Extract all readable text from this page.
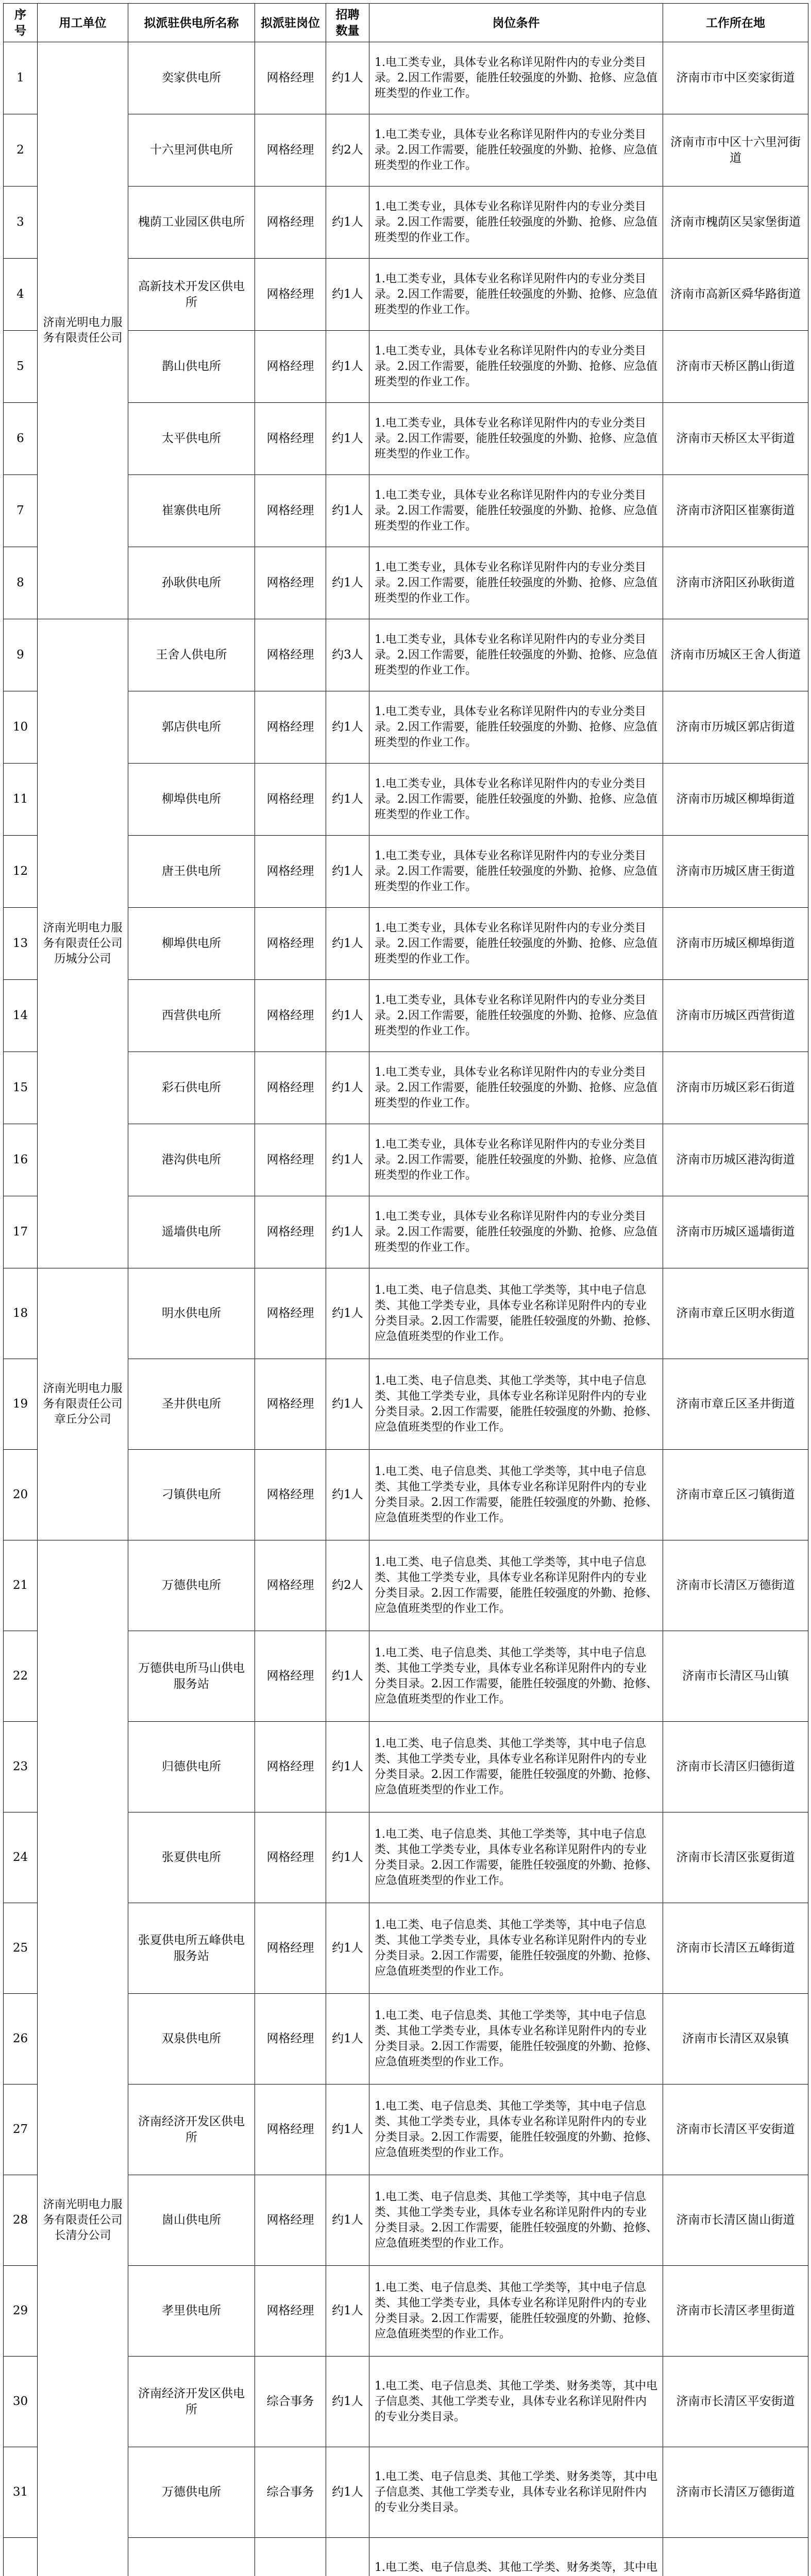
序号	用工单位	拟派驻供电所名称	拟派驻岗位	招聘数量	岗位条件	工作所在地
1	济南光明电力服务有限责任公司	奕家供电所	网格经理	约1人	1.电工类专业，具体专业名称详见附件内的专业分类目录。2.因工作需要，能胜任较强度的外勤、抢修、应急值班类型的作业工作。	济南市市中区奕家街道
2		十六里河供电所	网格经理	约2人	1.电工类专业，具体专业名称详见附件内的专业分类目录。2.因工作需要，能胜任较强度的外勤、抢修、应急值班类型的作业工作。	济南市市中区十六里河街道
3		槐荫工业园区供电所	网格经理	约1人	1.电工类专业，具体专业名称详见附件内的专业分类目录。2.因工作需要，能胜任较强度的外勤、抢修、应急值班类型的作业工作。	济南市槐荫区吴家堡街道
4		高新技术开发区供电所	网格经理	约1人	1.电工类专业，具体专业名称详见附件内的专业分类目录。2.因工作需要，能胜任较强度的外勤、抢修、应急值班类型的作业工作。	济南市高新区舜华路街道
5		鹊山供电所	网格经理	约1人	1.电工类专业，具体专业名称详见附件内的专业分类目录。2.因工作需要，能胜任较强度的外勤、抢修、应急值班类型的作业工作。	济南市天桥区鹊山街道
6		太平供电所	网格经理	约1人	1.电工类专业，具体专业名称详见附件内的专业分类目录。2.因工作需要，能胜任较强度的外勤、抢修、应急值班类型的作业工作。	济南市天桥区太平街道
7		崔寨供电所	网格经理	约1人	1.电工类专业，具体专业名称详见附件内的专业分类目录。2.因工作需要，能胜任较强度的外勤、抢修、应急值班类型的作业工作。	济南市济阳区崔寨街道
8		孙耿供电所	网格经理	约1人	1.电工类专业，具体专业名称详见附件内的专业分类目录。2.因工作需要，能胜任较强度的外勤、抢修、应急值班类型的作业工作。	济南市济阳区孙耿街道
9	济南光明电力服务有限责任公司历城分公司	王舍人供电所	网格经理	约3人	1.电工类专业，具体专业名称详见附件内的专业分类目录。2.因工作需要，能胜任较强度的外勤、抢修、应急值班类型的作业工作。	济南市历城区王舍人街道
10		郭店供电所	网格经理	约1人	1.电工类专业，具体专业名称详见附件内的专业分类目录。2.因工作需要，能胜任较强度的外勤、抢修、应急值班类型的作业工作。	济南市历城区郭店街道
11		柳埠供电所	网格经理	约1人	1.电工类专业，具体专业名称详见附件内的专业分类目录。2.因工作需要，能胜任较强度的外勤、抢修、应急值班类型的作业工作。	济南市历城区柳埠街道
12		唐王供电所	网格经理	约1人	1.电工类专业，具体专业名称详见附件内的专业分类目录。2.因工作需要，能胜任较强度的外勤、抢修、应急值班类型的作业工作。	济南市历城区唐王街道
13		柳埠供电所	网格经理	约1人	1.电工类专业，具体专业名称详见附件内的专业分类目录。2.因工作需要，能胜任较强度的外勤、抢修、应急值班类型的作业工作。	济南市历城区柳埠街道
14		西营供电所	网格经理	约1人	1.电工类专业，具体专业名称详见附件内的专业分类目录。2.因工作需要，能胜任较强度的外勤、抢修、应急值班类型的作业工作。	济南市历城区西营街道
15		彩石供电所	网格经理	约1人	1.电工类专业，具体专业名称详见附件内的专业分类目录。2.因工作需要，能胜任较强度的外勤、抢修、应急值班类型的作业工作。	济南市历城区彩石街道
16		港沟供电所	网格经理	约1人	1.电工类专业，具体专业名称详见附件内的专业分类目录。2.因工作需要，能胜任较强度的外勤、抢修、应急值班类型的作业工作。	济南市历城区港沟街道
17		遥墙供电所	网格经理	约1人	1.电工类专业，具体专业名称详见附件内的专业分类目录。2.因工作需要，能胜任较强度的外勤、抢修、应急值班类型的作业工作。	济南市历城区遥墙街道
18	济南光明电力服务有限责任公司章丘分公司	明水供电所	网格经理	约1人	1.电工类、电子信息类、其他工学类等，其中电子信息类、其他工学类专业，具体专业名称详见附件内的专业分类目录。2.因工作需要，能胜任较强度的外勤、抢修、应急值班类型的作业工作。	济南市章丘区明水街道
19		圣井供电所	网格经理	约1人	1.电工类、电子信息类、其他工学类等，其中电子信息类、其他工学类专业，具体专业名称详见附件内的专业分类目录。2.因工作需要，能胜任较强度的外勤、抢修、应急值班类型的作业工作。	济南市章丘区圣井街道
20		刁镇供电所	网格经理	约1人	1.电工类、电子信息类、其他工学类等，其中电子信息类、其他工学类专业，具体专业名称详见附件内的专业分类目录。2.因工作需要，能胜任较强度的外勤、抢修、应急值班类型的作业工作。	济南市章丘区刁镇街道
21	济南光明电力服务有限责任公司长清分公司	万德供电所	网格经理	约2人	1.电工类、电子信息类、其他工学类等，其中电子信息类、其他工学类专业，具体专业名称详见附件内的专业分类目录。2.因工作需要，能胜任较强度的外勤、抢修、应急值班类型的作业工作。	济南市长清区万德街道
22		万德供电所马山供电服务站	网格经理	约1人	1.电工类、电子信息类、其他工学类等，其中电子信息类、其他工学类专业，具体专业名称详见附件内的专业分类目录。2.因工作需要，能胜任较强度的外勤、抢修、应急值班类型的作业工作。	济南市长清区马山镇
23		归德供电所	网格经理	约1人	1.电工类、电子信息类、其他工学类等，其中电子信息类、其他工学类专业，具体专业名称详见附件内的专业分类目录。2.因工作需要，能胜任较强度的外勤、抢修、应急值班类型的作业工作。	济南市长清区归德街道
24		张夏供电所	网格经理	约1人	1.电工类、电子信息类、其他工学类等，其中电子信息类、其他工学类专业，具体专业名称详见附件内的专业分类目录。2.因工作需要，能胜任较强度的外勤、抢修、应急值班类型的作业工作。	济南市长清区张夏街道
25		张夏供电所五峰供电服务站	网格经理	约1人	1.电工类、电子信息类、其他工学类等，其中电子信息类、其他工学类专业，具体专业名称详见附件内的专业分类目录。2.因工作需要，能胜任较强度的外勤、抢修、应急值班类型的作业工作。	济南市长清区五峰街道
26		双泉供电所	网格经理	约1人	1.电工类、电子信息类、其他工学类等，其中电子信息类、其他工学类专业，具体专业名称详见附件内的专业分类目录。2.因工作需要，能胜任较强度的外勤、抢修、应急值班类型的作业工作。	济南市长清区双泉镇
27		济南经济开发区供电所	网格经理	约1人	1.电工类、电子信息类、其他工学类等，其中电子信息类、其他工学类专业，具体专业名称详见附件内的专业分类目录。2.因工作需要，能胜任较强度的外勤、抢修、应急值班类型的作业工作。	济南市长清区平安街道
28		崮山供电所	网格经理	约1人	1.电工类、电子信息类、其他工学类等，其中电子信息类、其他工学类专业，具体专业名称详见附件内的专业分类目录。2.因工作需要，能胜任较强度的外勤、抢修、应急值班类型的作业工作。	济南市长清区崮山街道
29		孝里供电所	网格经理	约1人	1.电工类、电子信息类、其他工学类等，其中电子信息类、其他工学类专业，具体专业名称详见附件内的专业分类目录。2.因工作需要，能胜任较强度的外勤、抢修、应急值班类型的作业工作。	济南市长清区孝里街道
30		济南经济开发区供电所	综合事务	约1人	1.电工类、电子信息类、其他工学类、财务类等，其中电子信息类、其他工学类专业，具体专业名称详见附件内的专业分类目录。	济南市长清区平安街道
31		万德供电所	综合事务	约1人	1.电工类、电子信息类、其他工学类、财务类等，其中电子信息类、其他工学类专业，具体专业名称详见附件内的专业分类目录。	济南市长清区万德街道
				1.电工类、电子信息类、其他工学类、财务类等，其中电	
